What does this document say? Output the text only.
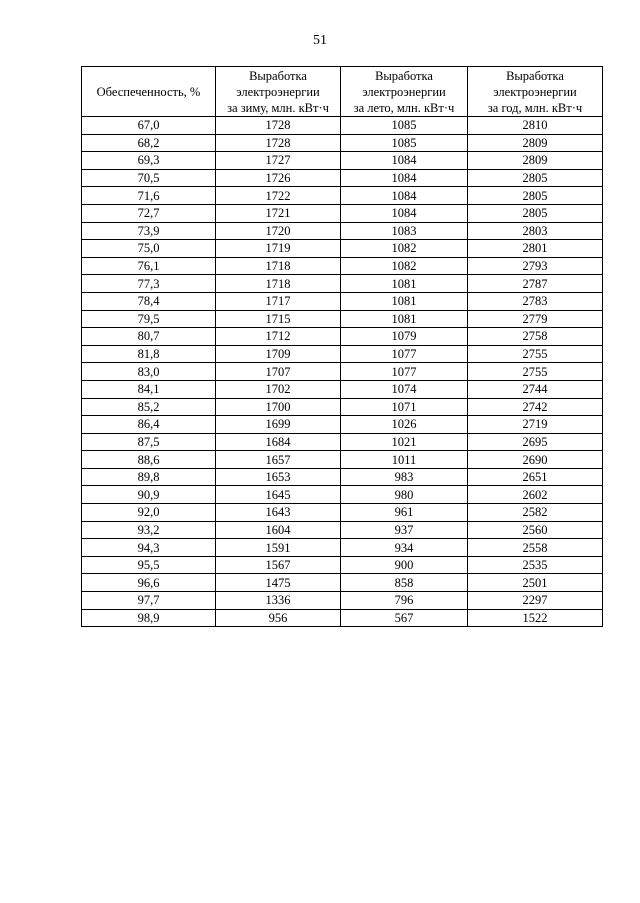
51
Обеспеченность, %	Выработка
электроэнергии
за зиму, млн. кВт·ч	Выработка
электроэнергии
за лето, млн. кВт·ч	Выработка
электроэнергии
за год, млн. кВт·ч

67,0	1728	1085	2810
68,2	1728	1085	2809
69,3	1727	1084	2809
70,5	1726	1084	2805
71,6	1722	1084	2805
72,7	1721	1084	2805
73,9	1720	1083	2803
75,0	1719	1082	2801
76,1	1718	1082	2793
77,3	1718	1081	2787
78,4	1717	1081	2783
79,5	1715	1081	2779
80,7	1712	1079	2758
81,8	1709	1077	2755
83,0	1707	1077	2755
84,1	1702	1074	2744
85,2	1700	1071	2742
86,4	1699	1026	2719
87,5	1684	1021	2695
88,6	1657	1011	2690
89,8	1653	983	2651
90,9	1645	980	2602
92,0	1643	961	2582
93,2	1604	937	2560
94,3	1591	934	2558
95,5	1567	900	2535
96,6	1475	858	2501
97,7	1336	796	2297
98,9	956	567	1522
